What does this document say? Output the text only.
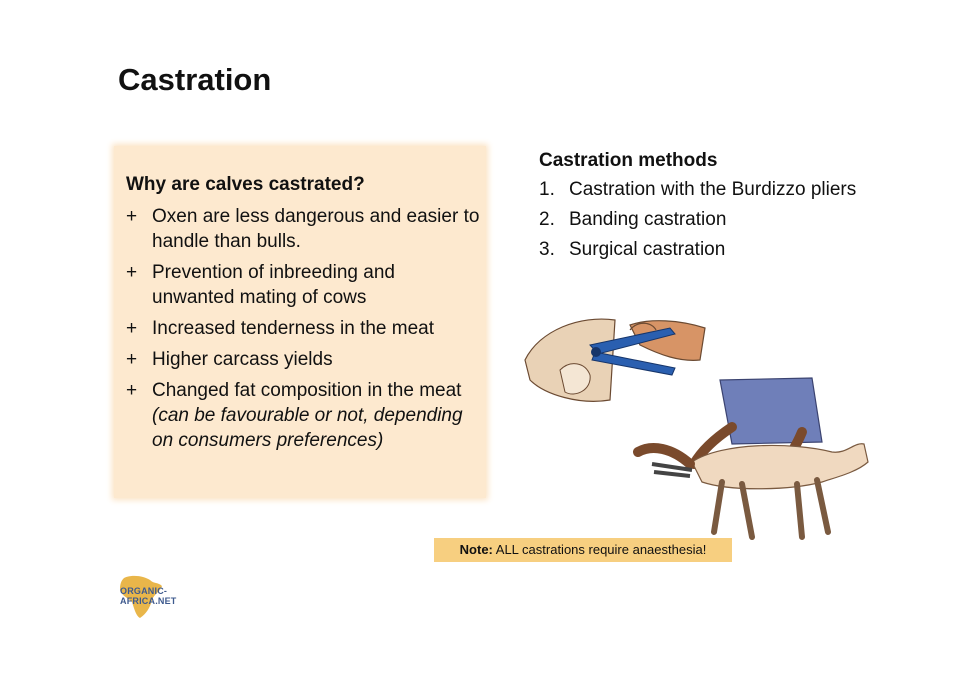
Castration
Why are calves castrated?
+ Oxen are less dangerous and easier to handle than bulls.
+ Prevention of inbreeding and unwanted mating of cows
+ Increased tenderness in the meat
+ Higher carcass yields
+ Changed fat composition in the meat (can be favourable or not, depending on consumers preferences)
Castration methods
1. Castration with the Burdizzo pliers
2. Banding castration
3. Surgical castration
Note: ALL castrations require anaesthesia!
ORGANIC-AFRICA.NET
